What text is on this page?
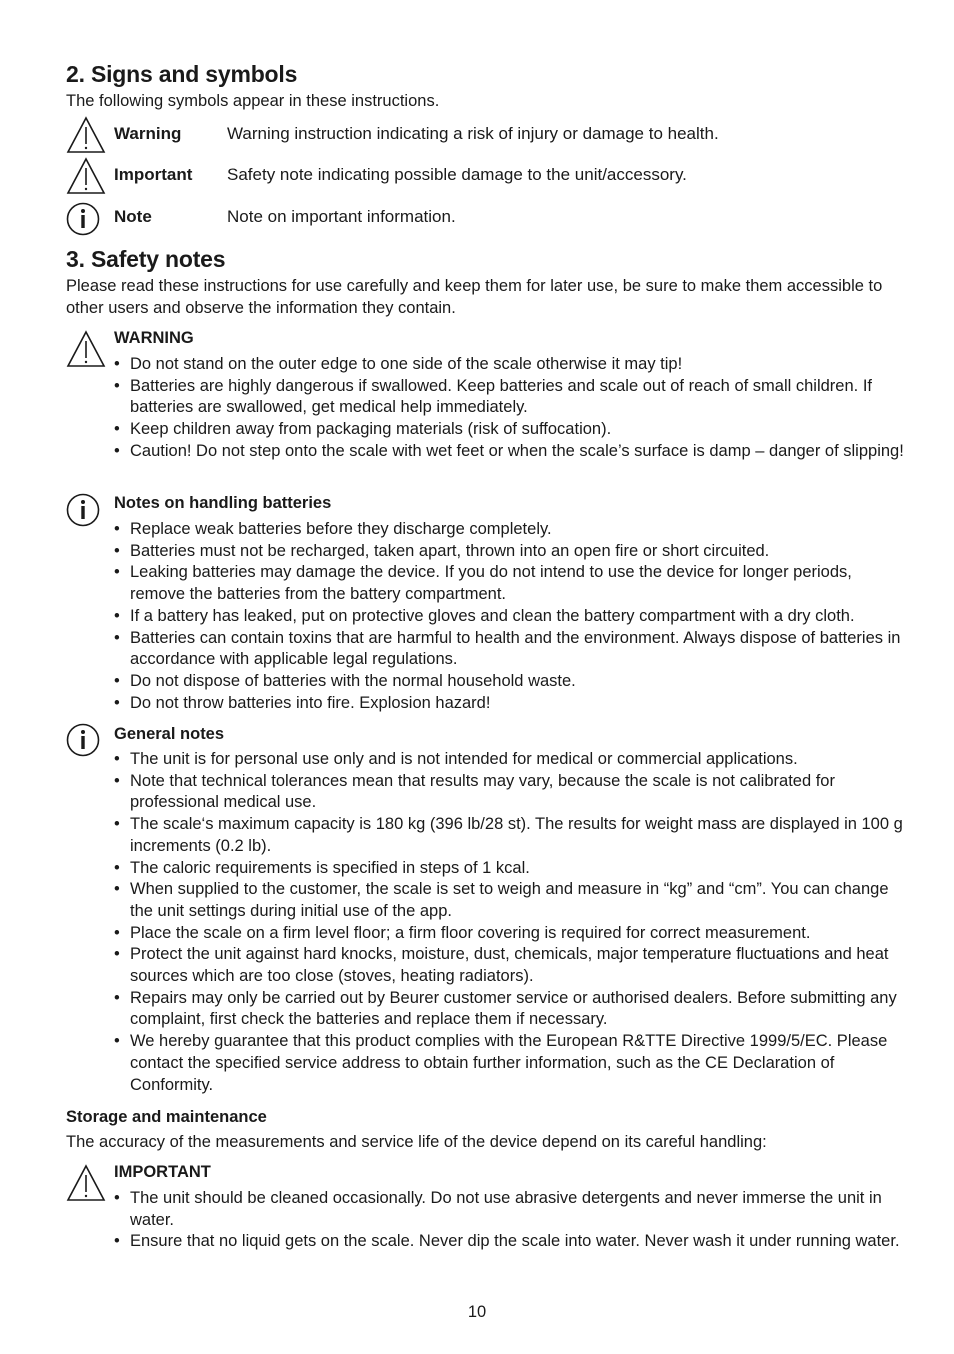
2. Signs and symbols
The following symbols appear in these instructions.
Warning	Warning instruction indicating a risk of injury or damage to health.
Important Safety note indicating possible damage to the unit/accessory.
Note	Note on important information.
3. Safety notes
Please read these instructions for use carefully and keep them for later use, be sure to make them accessible to other users and observe the information they contain.
WARNING
• Do not stand on the outer edge to one side of the scale otherwise it may tip!
• Batteries are highly dangerous if swallowed. Keep batteries and scale out of reach of small children. If batteries are swallowed, get medical help immediately.
• Keep children away from packaging materials (risk of suffocation).
• Caution! Do not step onto the scale with wet feet or when the scale’s surface is damp – danger of slipping!
Notes on handling batteries
• Replace weak batteries before they discharge completely.
• Batteries must not be recharged, taken apart, thrown into an open fire or short circuited.
• Leaking batteries may damage the device. If you do not intend to use the device for longer periods, remove the batteries from the battery compartment.
• If a battery has leaked, put on protective gloves and clean the battery compartment with a dry cloth.
• Batteries can contain toxins that are harmful to health and the environment. Always dispose of batteries in accordance with applicable legal regulations.
• Do not dispose of batteries with the normal household waste.
• Do not throw batteries into fire. Explosion hazard!
General notes
• The unit is for personal use only and is not intended for medical or commercial applications.
• Note that technical tolerances mean that results may vary, because the scale is not calibrated for professional medical use.
• The scale‘s maximum capacity is 180 kg (396 lb/28 st). The results for weight mass are displayed in 100 g increments (0.2 lb).
• The caloric requirements is specified in steps of 1 kcal.
• When supplied to the customer, the scale is set to weigh and measure in “kg” and “cm”. You can change the unit settings during initial use of the app.
• Place the scale on a firm level floor; a firm floor covering is required for correct measurement.
• Protect the unit against hard knocks, moisture, dust, chemicals, major temperature fluctuations and heat sources which are too close (stoves, heating radiators).
• Repairs may only be carried out by Beurer customer service or authorised dealers. Before submitting any complaint, first check the batteries and replace them if necessary.
• We hereby guarantee that this product complies with the European R&TTE Directive 1999/5/EC. Please contact the specified service address to obtain further information, such as the CE Declaration of Conformity.
Storage and maintenance
The accuracy of the measurements and service life of the device depend on its careful handling:
IMPORTANT
• The unit should be cleaned occasionally. Do not use abrasive detergents and never immerse the unit in water.
• Ensure that no liquid gets on the scale. Never dip the scale into water. Never wash it under running water.
10
